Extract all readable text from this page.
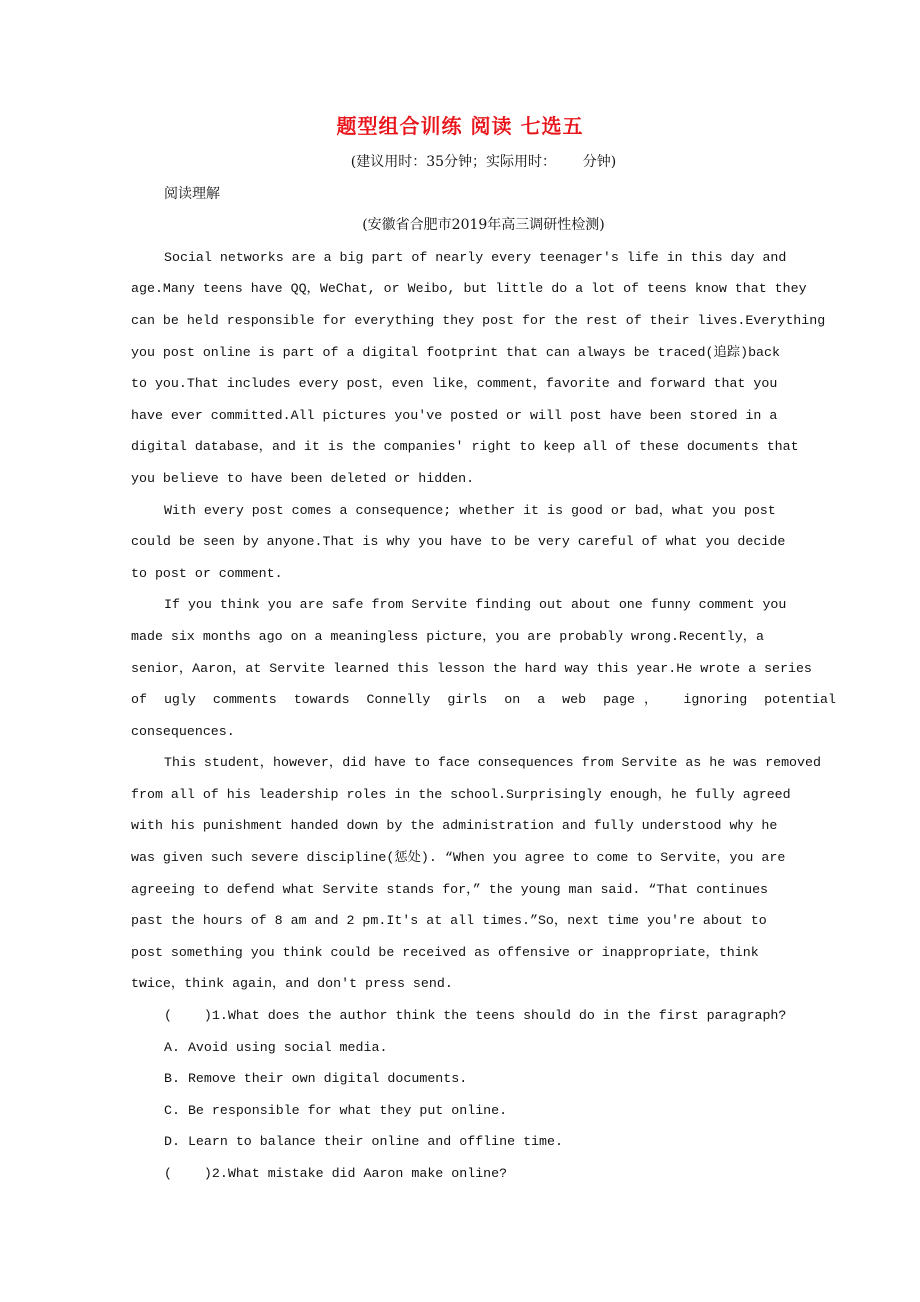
题型组合训练 阅读 七选五
(建议用时：35分钟；实际用时：      分钟)
阅读理解
(安徽省合肥市2019年高三调研性检测)
Social networks are a big part of nearly every teenager's life in this day and
age.Many teens have QQ，WeChat, or Weibo, but little do a lot of teens know that they
can be held responsible for everything they post for the rest of their lives.Everything
you post online is part of a digital footprint that can always be traced(追踪)back
to you.That includes every post，even like，comment，favorite and forward that you
have ever committed.All pictures you've posted or will post have been stored in a
digital database，and it is the companies' right to keep all of these documents that
you believe to have been deleted or hidden.
With every post comes a consequence; whether it is good or bad，what you post
could be seen by anyone.That is why you have to be very careful of what you decide
to post or comment.
If you think you are safe from Servite finding out about one funny comment you
made six months ago on a meaningless picture，you are probably wrong.Recently，a
senior，Aaron，at Servite learned this lesson the hard way this year.He wrote a series
of ugly comments towards Connelly girls on a web page， ignoring potential
consequences.
This student，however，did have to face consequences from Servite as he was removed
from all of his leadership roles in the school.Surprisingly enough，he fully agreed
with his punishment handed down by the administration and fully understood why he
was given such severe discipline(惩处). “When you agree to come to Servite，you are
agreeing to defend what Servite stands for，” the young man said. “That continues
past the hours of 8 am and 2 pm.It's at all times.”So，next time you're about to
post something you think could be received as offensive or inappropriate，think
twice，think again，and don't press send.
(    )1.What does the author think the teens should do in the first paragraph?
A. Avoid using social media.
B. Remove their own digital documents.
C. Be responsible for what they put online.
D. Learn to balance their online and offline time.
(    )2.What mistake did Aaron make online?
